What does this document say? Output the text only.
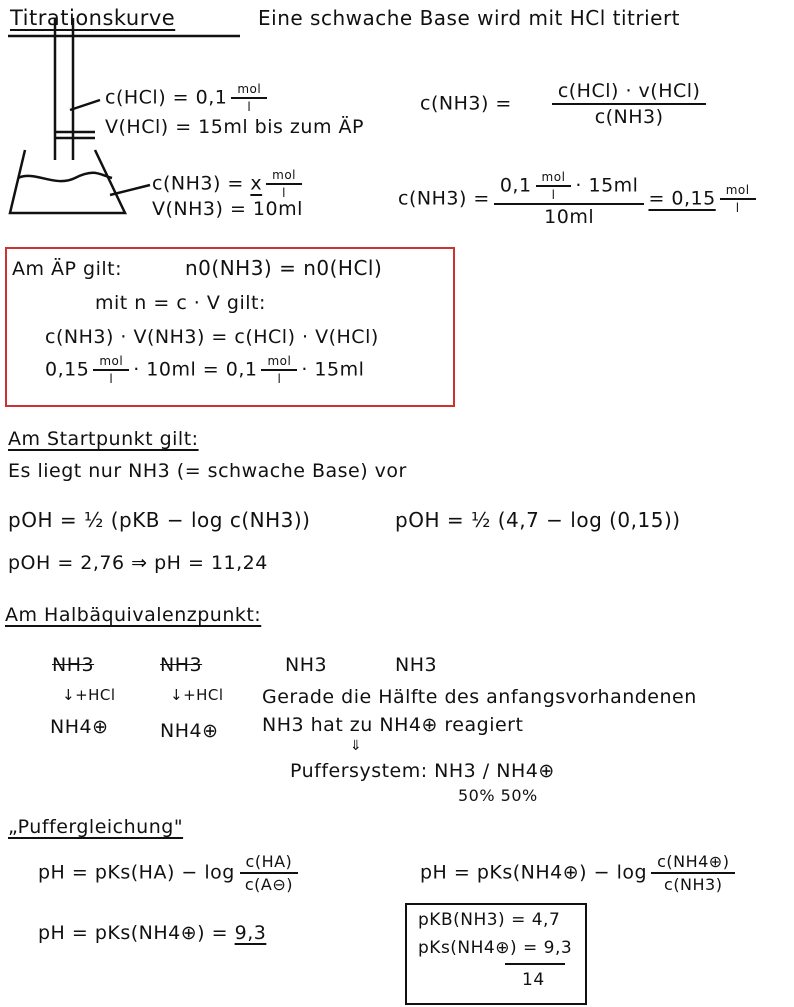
Titrationskurve	Eine schwache Base wird mit HCl titriert
$c(HCl) = 0,1 \frac{\text{mol}}{l}$
V(HCl) = 15ml bis zum ÄP
$c(NH3) = \frac{\text{c(HCl) · v(HCl)}}{c(NH3)}$
c(NH3) = x $\frac{\text{mol}}{l}$
V(NH3) = 10ml	$c(NH3) = \frac{0,1 \frac{\text{mol}}{l} \cdot 15ml}{10ml} = 0,15 \frac{\text{mol}}{l}$
Am ÄP gilt:	n0(NH3) = n0(HCl)
mit n = c · V gilt:
c(NH3) · V(NH3) = c(HCl) · V(HCl)
$0,15 \frac{\text{mol}}{l} \cdot 10ml = 0,1 \frac{\text{mol}}{l} \cdot 15ml$
Am Startpunkt gilt:
Es liegt nur NH3 (= schwache Base) vor
pOH = ½ (pKB − log c(NH3))	pOH = ½ (4,7 − log (0,15))
pOH = 2,76 ⇒ pH = 11,24
Am Halbäquivalenzpunkt:
NH3	NH3	NH3	NH3
↓+HCl	↓+HCl
NH4⊕	NH4⊕
Gerade die Hälfte des anfangsvorhandenen
NH3 hat zu NH4⊕ reagiert
⇓
Puffersystem: NH3 / NH4⊕
50% 50%
„Puffergleichung"
pH = $pKs(HA) - \log \frac{c(HA)}{c(A⊖)}$	pH = pKs(NH4⊕) − $\log \frac{c(NH4\oplus)}{c(NH3)}$
pH = pKs(NH4⊕) = 9,3
pKB(NH3) = 4,7
pKs(NH4⊕) = 9,3
14
